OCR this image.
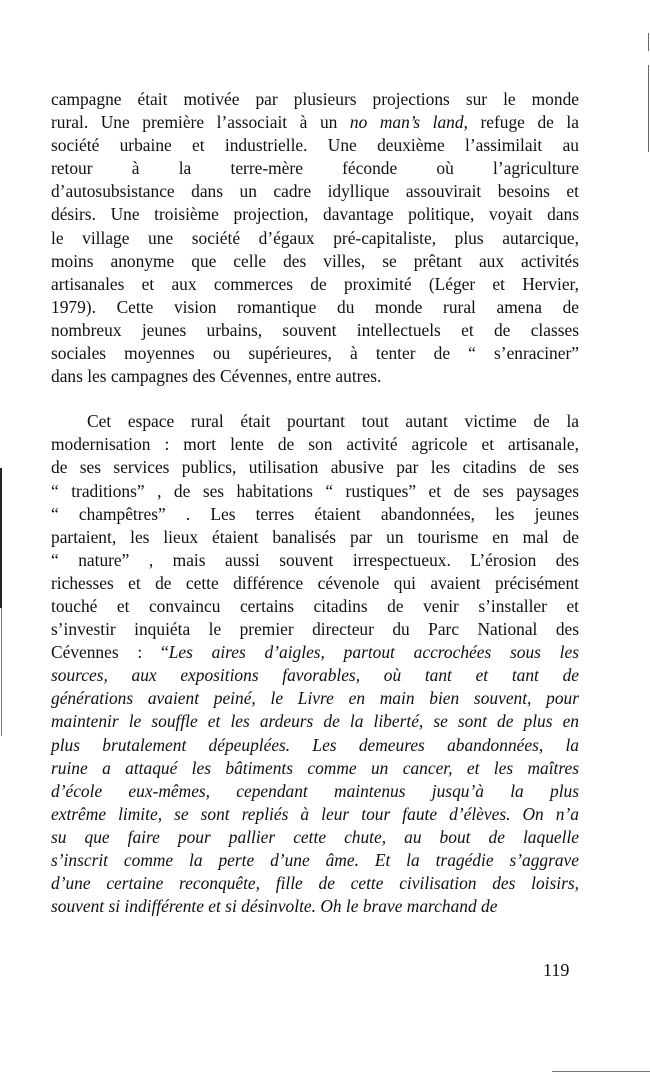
campagne était motivée par plusieurs projections sur le monde
rural. Une première l’associait à un no man’s land, refuge de la
société urbaine et industrielle. Une deuxième l’assimilait au
retour à la terre-mère féconde où l’agriculture
d’autosubsistance dans un cadre idyllique assouvirait besoins et
désirs. Une troisième projection, davantage politique, voyait dans
le village une société d’égaux pré-capitaliste, plus autarcique,
moins anonyme que celle des villes, se prêtant aux activités
artisanales et aux commerces de proximité (Léger et Hervier,
1979). Cette vision romantique du monde rural amena de
nombreux jeunes urbains, souvent intellectuels et de classes
sociales moyennes ou supérieures, à tenter de “ s’enraciner”
dans les campagnes des Cévennes, entre autres.
Cet espace rural était pourtant tout autant victime de la
modernisation : mort lente de son activité agricole et artisanale,
de ses services publics, utilisation abusive par les citadins de ses
“ traditions” , de ses habitations “ rustiques” et de ses paysages
“ champêtres” . Les terres étaient abandonnées, les jeunes
partaient, les lieux étaient banalisés par un tourisme en mal de
“ nature” , mais aussi souvent irrespectueux. L’érosion des
richesses et de cette différence cévenole qui avaient précisément
touché et convaincu certains citadins de venir s’installer et
s’investir inquiéta le premier directeur du Parc National des
Cévennes : “Les aires d’aigles, partout accrochées sous les
sources, aux expositions favorables, où tant et tant de
générations avaient peiné, le Livre en main bien souvent, pour
maintenir le souffle et les ardeurs de la liberté, se sont de plus en
plus brutalement dépeuplées. Les demeures abandonnées, la
ruine a attaqué les bâtiments comme un cancer, et les maîtres
d’école eux-mêmes, cependant maintenus jusqu’à la plus
extrême limite, se sont repliés à leur tour faute d’élèves. On n’a
su que faire pour pallier cette chute, au bout de laquelle
s’inscrit comme la perte d’une âme. Et la tragédie s’aggrave
d’une certaine reconquête, fille de cette civilisation des loisirs,
souvent si indifférente et si désinvolte. Oh le brave marchand de
119
